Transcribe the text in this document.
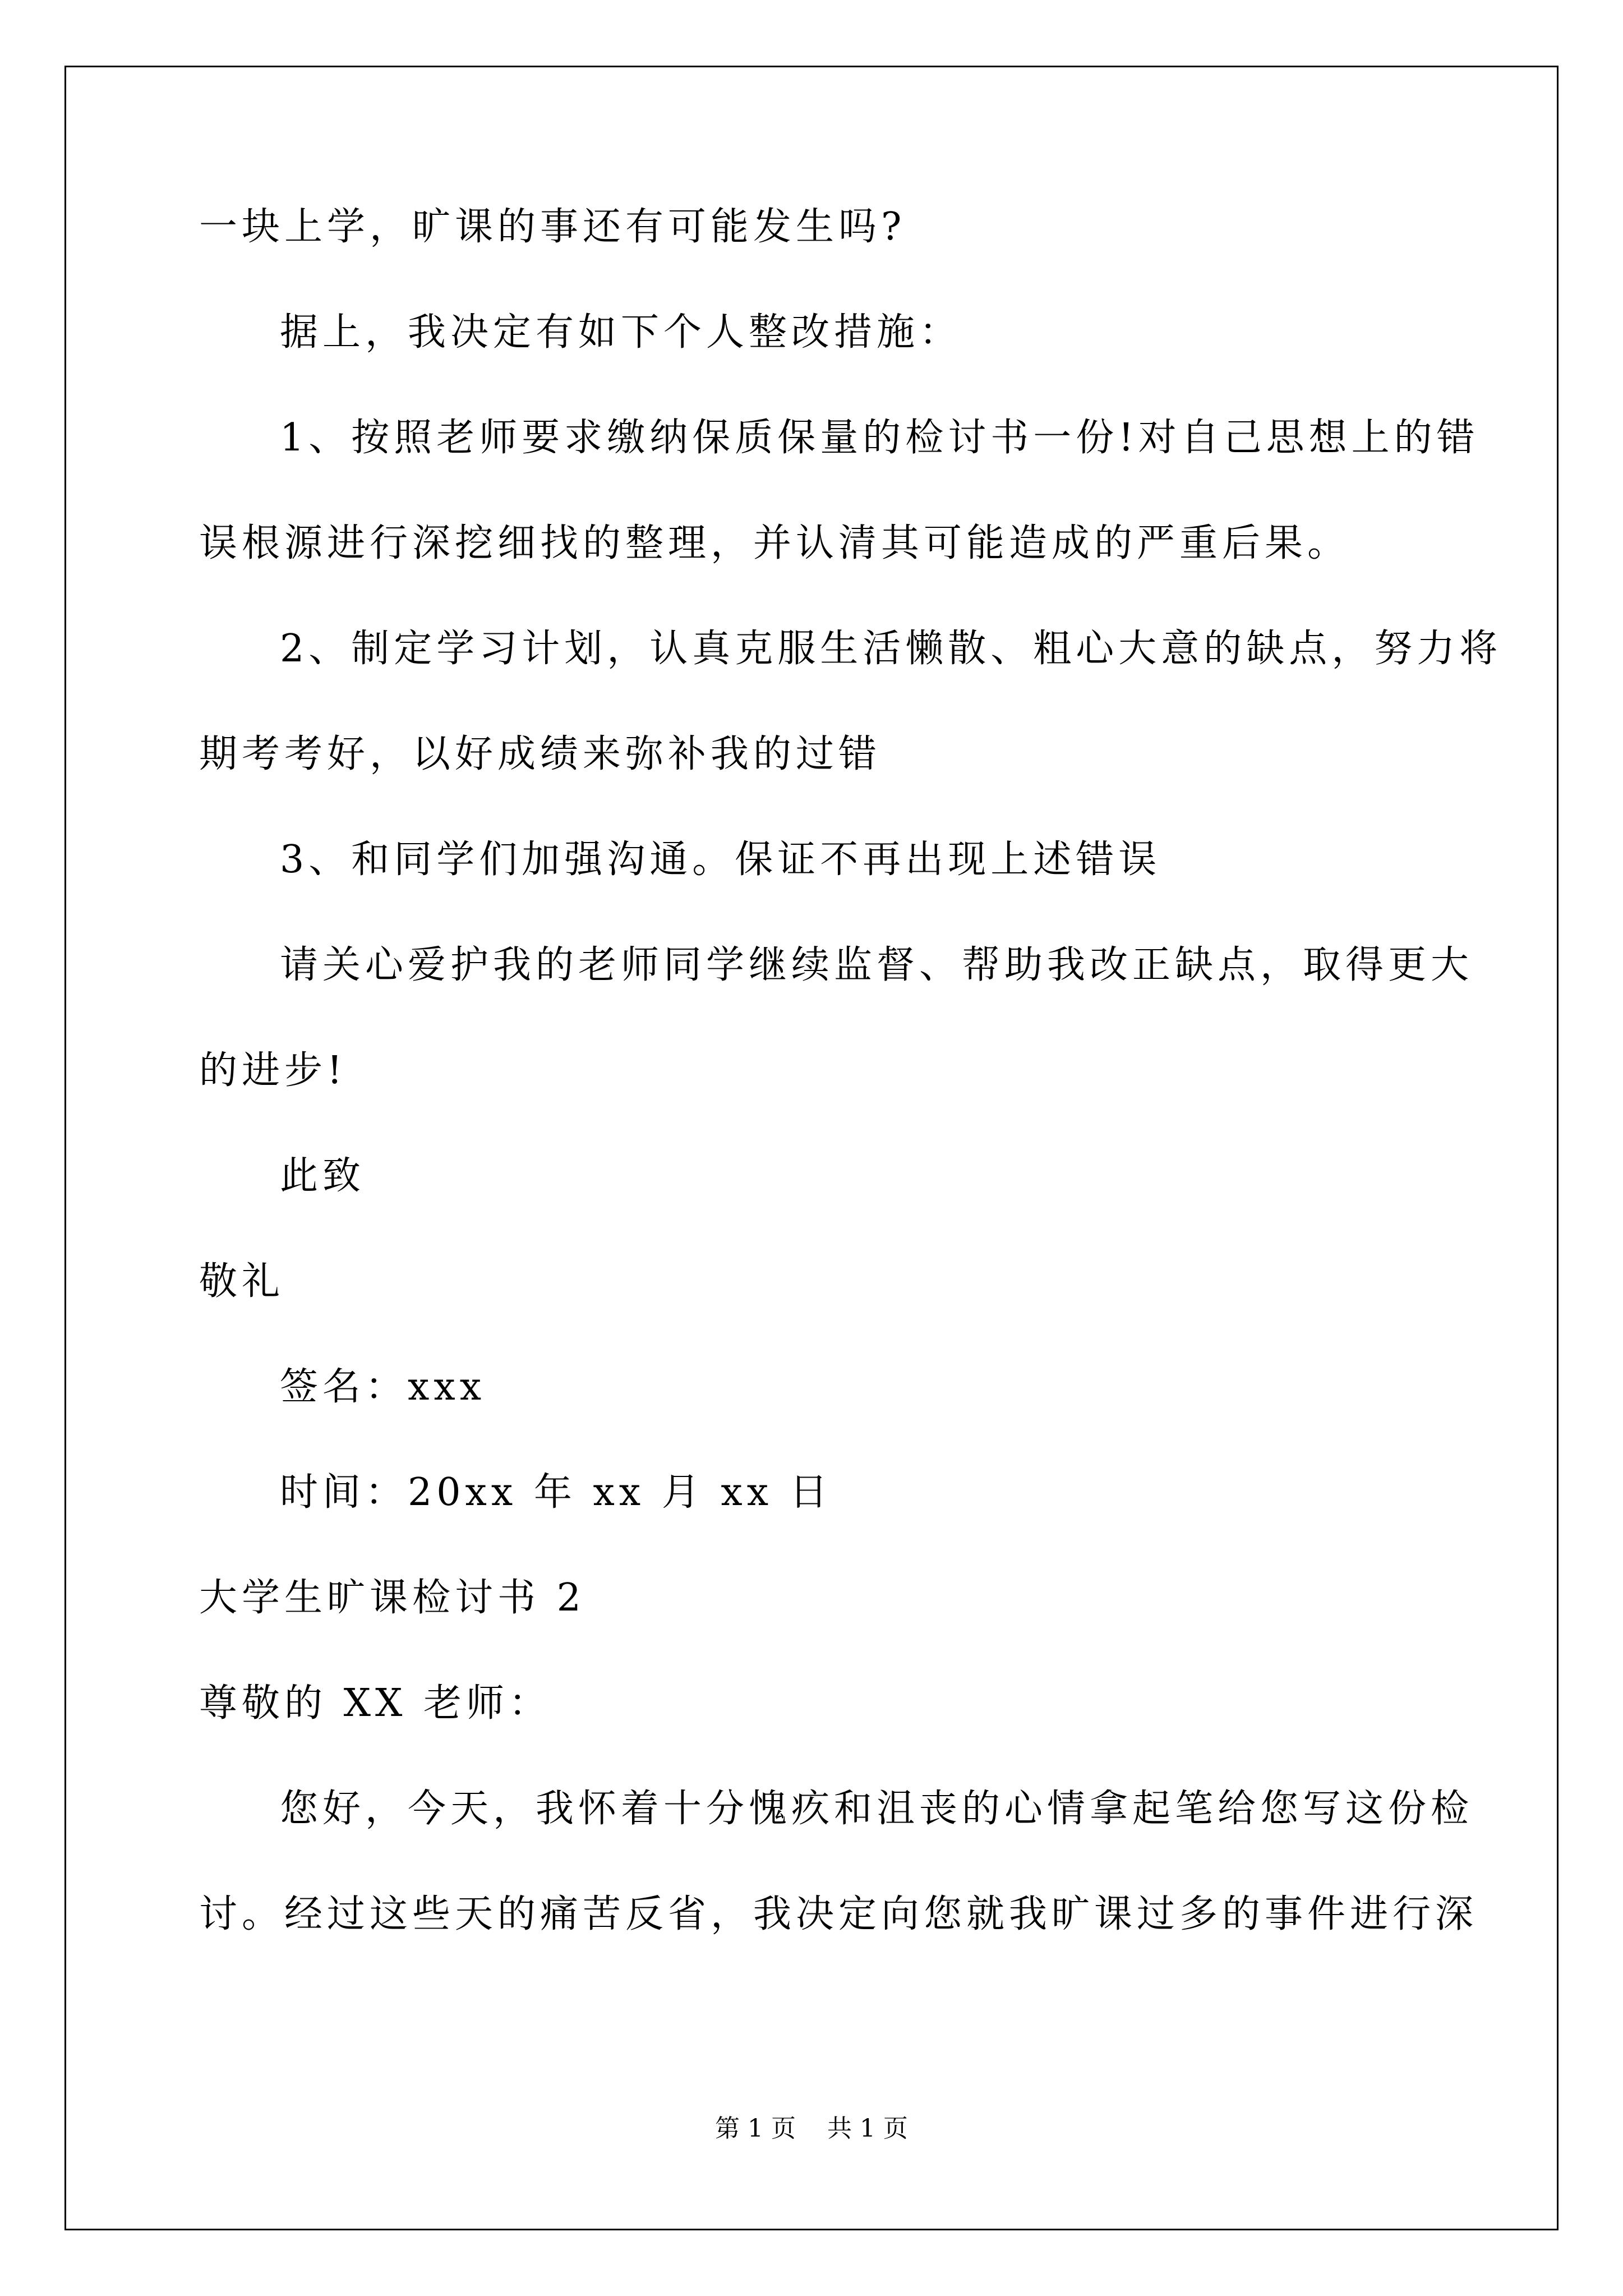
一块上学，旷课的事还有可能发生吗?
据上，我决定有如下个人整改措施：
1、按照老师要求缴纳保质保量的检讨书一份!对自己思想上的错
误根源进行深挖细找的整理，并认清其可能造成的严重后果。
2、制定学习计划，认真克服生活懒散、粗心大意的缺点，努力将
期考考好，以好成绩来弥补我的过错
3、和同学们加强沟通。保证不再出现上述错误
请关心爱护我的老师同学继续监督、帮助我改正缺点，取得更大
的进步!
此致
敬礼
签名：xxx
时间：20xx 年 xx 月 xx 日
大学生旷课检讨书 2
尊敬的 XX 老师：
您好，今天，我怀着十分愧疚和沮丧的心情拿起笔给您写这份检
讨。经过这些天的痛苦反省，我决定向您就我旷课过多的事件进行深
第 1 页    共 1 页
